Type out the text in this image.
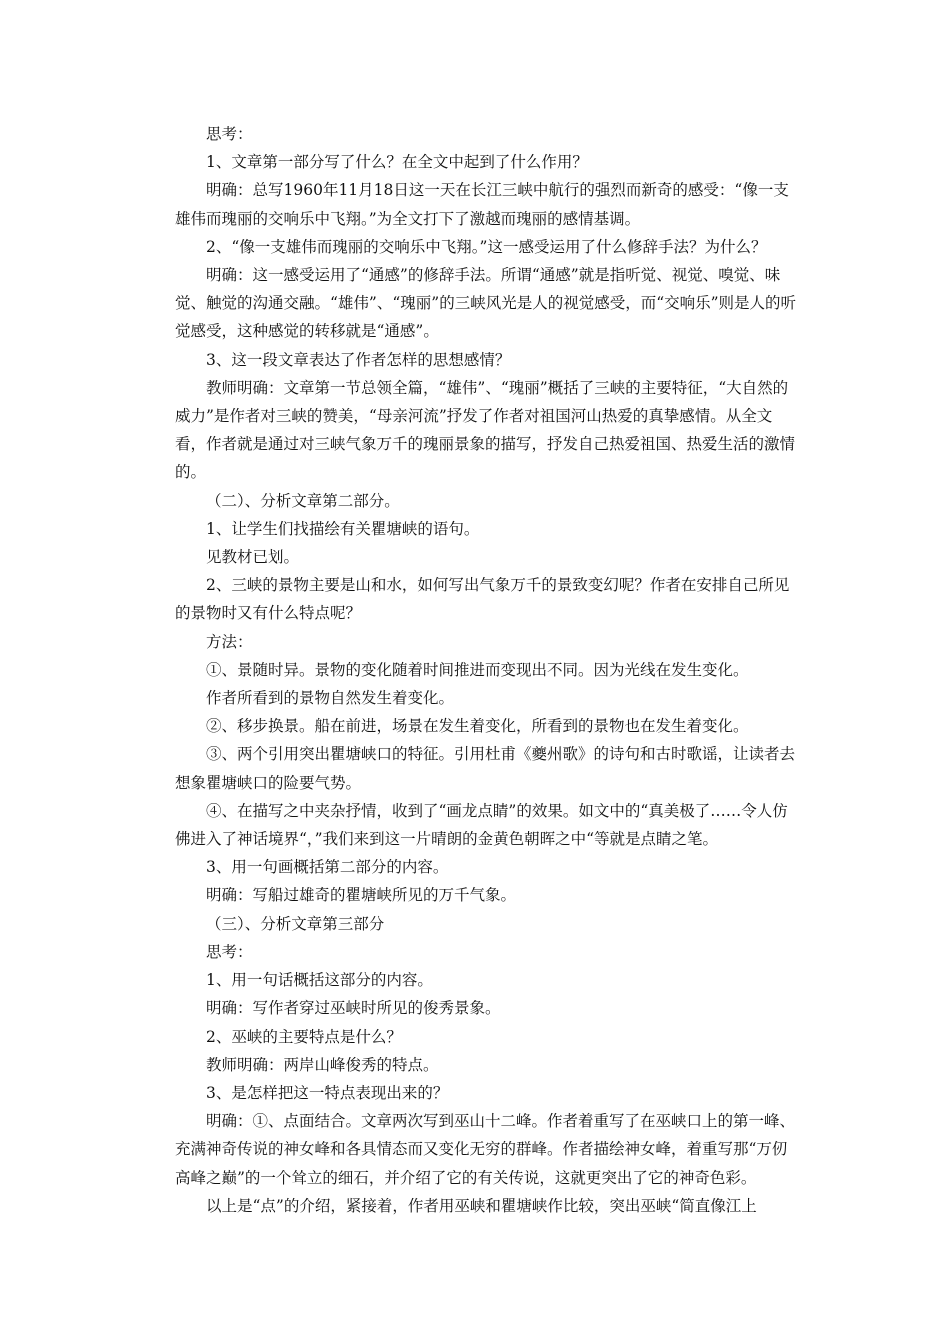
思考：

1、文章第一部分写了什么？在全文中起到了什么作用？

明确：总写1960年11月18日这一天在长江三峡中航行的强烈而新奇的感受：“像一支雄伟而瑰丽的交响乐中飞翔。”为全文打下了激越而瑰丽的感情基调。

2、“像一支雄伟而瑰丽的交响乐中飞翔。”这一感受运用了什么修辞手法？为什么？

明确：这一感受运用了“通感”的修辞手法。所谓“通感”就是指听觉、视觉、嗅觉、味觉、触觉的沟通交融。“雄伟”、“瑰丽”的三峡风光是人的视觉感受，而“交响乐”则是人的听觉感受，这种感觉的转移就是“通感”。

3、这一段文章表达了作者怎样的思想感情？

教师明确：文章第一节总领全篇，“雄伟”、“瑰丽”概括了三峡的主要特征，“大自然的威力”是作者对三峡的赞美，“母亲河流”抒发了作者对祖国河山热爱的真挚感情。从全文看，作者就是通过对三峡气象万千的瑰丽景象的描写，抒发自己热爱祖国、热爱生活的激情的。

（二）、分析文章第二部分。

1、让学生们找描绘有关瞿塘峡的语句。

见教材已划。

2、三峡的景物主要是山和水，如何写出气象万千的景致变幻呢？作者在安排自己所见的景物时又有什么特点呢？

方法：

①、景随时异。景物的变化随着时间推进而变现出不同。因为光线在发生变化。

作者所看到的景物自然发生着变化。

②、移步换景。船在前进，场景在发生着变化，所看到的景物也在发生着变化。

③、两个引用突出瞿塘峡口的特征。引用杜甫《夔州歌》的诗句和古时歌谣，让读者去想象瞿塘峡口的险要气势。

④、在描写之中夹杂抒情，收到了“画龙点睛”的效果。如文中的“真美极了……令人仿佛进入了神话境界“，”我们来到这一片晴朗的金黄色朝晖之中“等就是点睛之笔。

3、用一句画概括第二部分的内容。

明确：写船过雄奇的瞿塘峡所见的万千气象。

（三）、分析文章第三部分

思考：

1、用一句话概括这部分的内容。

明确：写作者穿过巫峡时所见的俊秀景象。

2、巫峡的主要特点是什么？

教师明确：两岸山峰俊秀的特点。

3、是怎样把这一特点表现出来的？

明确：①、点面结合。文章两次写到巫山十二峰。作者着重写了在巫峡口上的第一峰、充满神奇传说的神女峰和各具情态而又变化无穷的群峰。作者描绘神女峰，着重写那“万仞高峰之巅”的一个耸立的细石，并介绍了它的有关传说，这就更突出了它的神奇色彩。

以上是“点”的介绍，紧接着，作者用巫峡和瞿塘峡作比较，突出巫峡“简直像江上
